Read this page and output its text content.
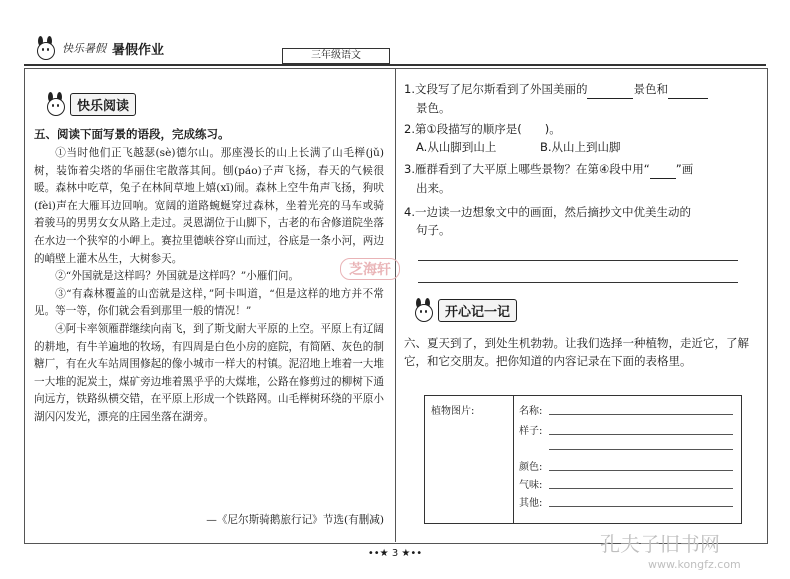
快乐暑假 暑假作业	三年级语文
快乐阅读
五、阅读下面写景的语段，完成练习。

①当时他们正飞越瑟(sè)德尔山。那座漫长的山上长满了山毛榉(jǔ)树，装饰着尖塔的华丽住宅散落其间。刨(páo)子声飞扬，春天的气候很暖。森林中吃草，兔子在林间草地上嬉(xī)闹。森林上空牛角声飞扬，狗吠(fèi)声在大雁耳边回响。宽阔的道路蜿蜒穿过森林，坐着光亮的马车或骑着骏马的男男女女从路上走过。灵恩湖位于山脚下，古老的布舍修道院坐落在水边一个狭窄的小岬上。赛拉里德峡谷穿山而过，谷底是一条小河，两边的峭壁上灌木丛生，大树参天。

②“外国就是这样吗？外国就是这样吗？”小雁们问。

③“有森林覆盖的山峦就是这样，”阿卡叫道，“但是这样的地方并不常见。等一等，你们就会看到那里一般的情况！”

④阿卡率领雁群继续向南飞，到了斯戈耐大平原的上空。平原上有辽阔的耕地，有牛羊遍地的牧场，有四周是白色小房的庭院，有简陋、灰色的制糖厂，有在火车站周围修起的像小城市一样大的村镇。泥沼地上堆着一大堆一大堆的泥炭土，煤矿旁边堆着黑乎乎的大煤堆，公路在修剪过的柳树下通向远方，铁路纵横交错，在平原上形成一个铁路网。山毛榉树环绕的平原小湖闪闪发光，漂亮的庄园坐落在湖旁。

—《尼尔斯骑鹅旅行记》节选(有删减)
1.文段写了尼尔斯看到了外国美丽的	景色和
景色。
2.第①段描写的顺序是(　　)。
A.从山脚到山上	B.从山上到山脚
3.雁群看到了大平原上哪些景物？在第④段中用“ ”画
出来。
4.一边读一边想象文中的画面，然后摘抄文中优美生动的
句子。
开心记一记
六、夏天到了，到处生机勃勃。让我们选择一种植物，走近它，了解它，和它交朋友。把你知道的内容记录在下面的表格里。
植物图片:	名称:
样子:
颜色:
气味:
其他:
••★ 3 ★••
芝海轩
孔夫子旧书网
www.kongfz.com
